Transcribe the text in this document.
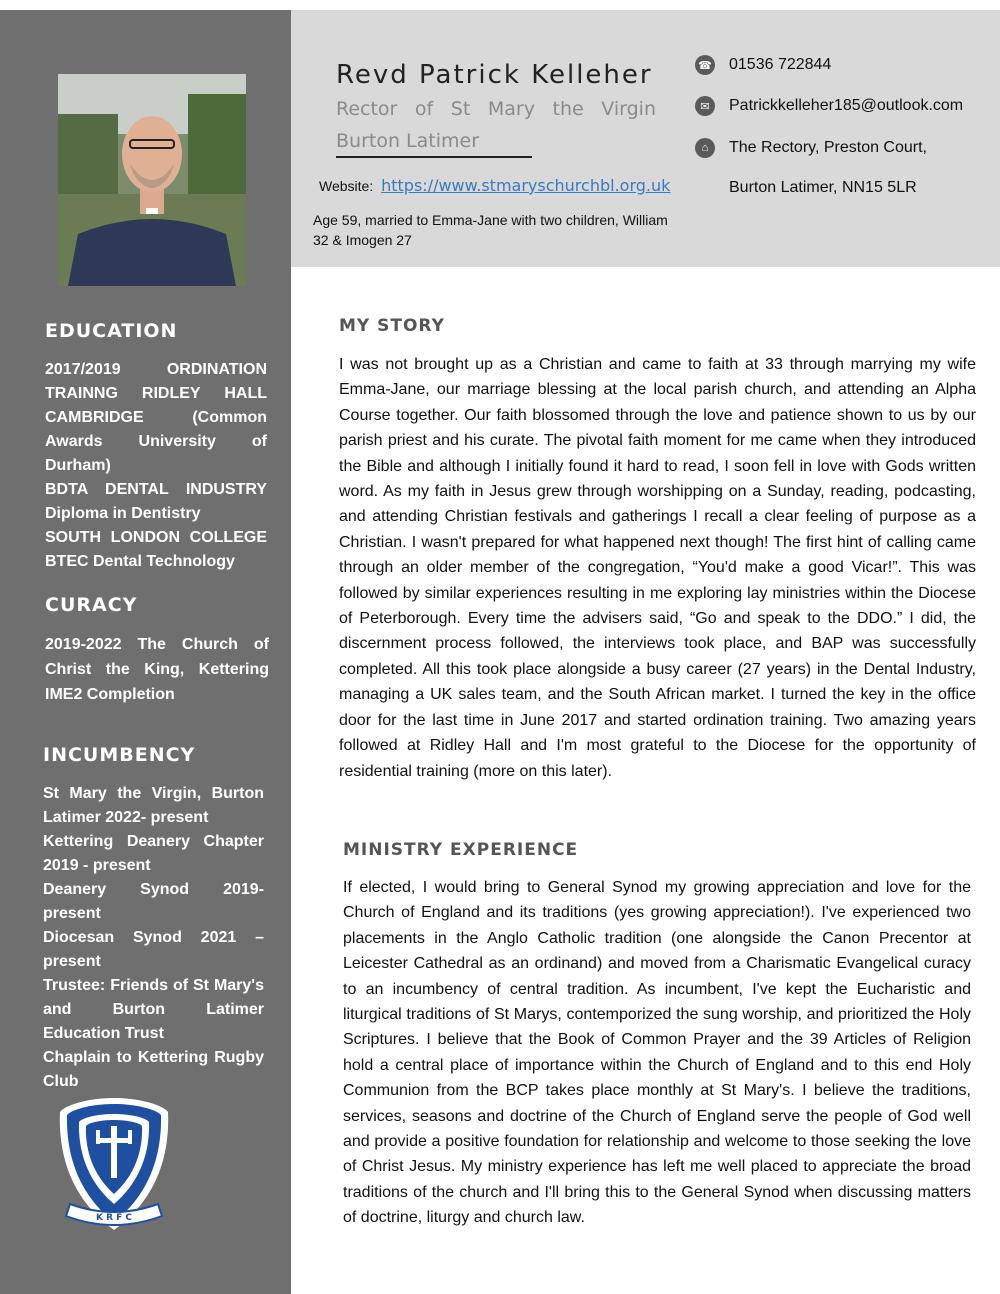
EDUCATION
2017/2019 ORDINATION TRAINNG RIDLEY HALL CAMBRIDGE (Common Awards University of Durham)
BDTA DENTAL INDUSTRY Diploma in Dentistry
SOUTH LONDON COLLEGE BTEC Dental Technology
CURACY
2019-2022 The Church of Christ the King, Kettering IME2 Completion
INCUMBENCY
St Mary the Virgin, Burton Latimer 2022- present
Kettering Deanery Chapter 2019 - present
Deanery Synod 2019- present
Diocesan Synod 2021 – present
Trustee: Friends of St Mary's and Burton Latimer Education Trust
Chaplain to Kettering Rugby Club
K R F C
Revd Patrick Kelleher

Rector of St Mary the Virgin

Burton Latimer

Website: https://www.stmaryschurchbl.org.uk
Age 59, married to Emma-Jane with two children, William 32 & Imogen 27
☎ 01536 722844
✉	Patrickkelleher185@outlook.com
⌂	The Rectory, Preston Court,
Burton Latimer, NN15 5LR
MY STORY

I was not brought up as a Christian and came to faith at 33 through marrying my wife Emma-Jane, our marriage blessing at the local parish church, and attending an Alpha Course together. Our faith blossomed through the love and patience shown to us by our parish priest and his curate. The pivotal faith moment for me came when they introduced the Bible and although I initially found it hard to read, I soon fell in love with Gods written word. As my faith in Jesus grew through worshipping on a Sunday, reading, podcasting, and attending Christian festivals and gatherings I recall a clear feeling of purpose as a Christian. I wasn't prepared for what happened next though! The first hint of calling came through an older member of the congregation, “You'd make a good Vicar!”. This was followed by similar experiences resulting in me exploring lay ministries within the Diocese of Peterborough. Every time the advisers said, “Go and speak to the DDO.” I did, the discernment process followed, the interviews took place, and BAP was successfully completed. All this took place alongside a busy career (27 years) in the Dental Industry, managing a UK sales team, and the South African market. I turned the key in the office door for the last time in June 2017 and started ordination training. Two amazing years followed at Ridley Hall and I'm most grateful to the Diocese for the opportunity of residential training (more on this later).

MINISTRY EXPERIENCE

If elected, I would bring to General Synod my growing appreciation and love for the Church of England and its traditions (yes growing appreciation!). I've experienced two placements in the Anglo Catholic tradition (one alongside the Canon Precentor at Leicester Cathedral as an ordinand) and moved from a Charismatic Evangelical curacy to an incumbency of central tradition. As incumbent, I've kept the Eucharistic and liturgical traditions of St Marys, contemporized the sung worship, and prioritized the Holy Scriptures. I believe that the Book of Common Prayer and the 39 Articles of Religion hold a central place of importance within the Church of England and to this end Holy Communion from the BCP takes place monthly at St Mary's. I believe the traditions, services, seasons and doctrine of the Church of England serve the people of God well and provide a positive foundation for relationship and welcome to those seeking the love of Christ Jesus. My ministry experience has left me well placed to appreciate the broad traditions of the church and I'll bring this to the General Synod when discussing matters of doctrine, liturgy and church law.
